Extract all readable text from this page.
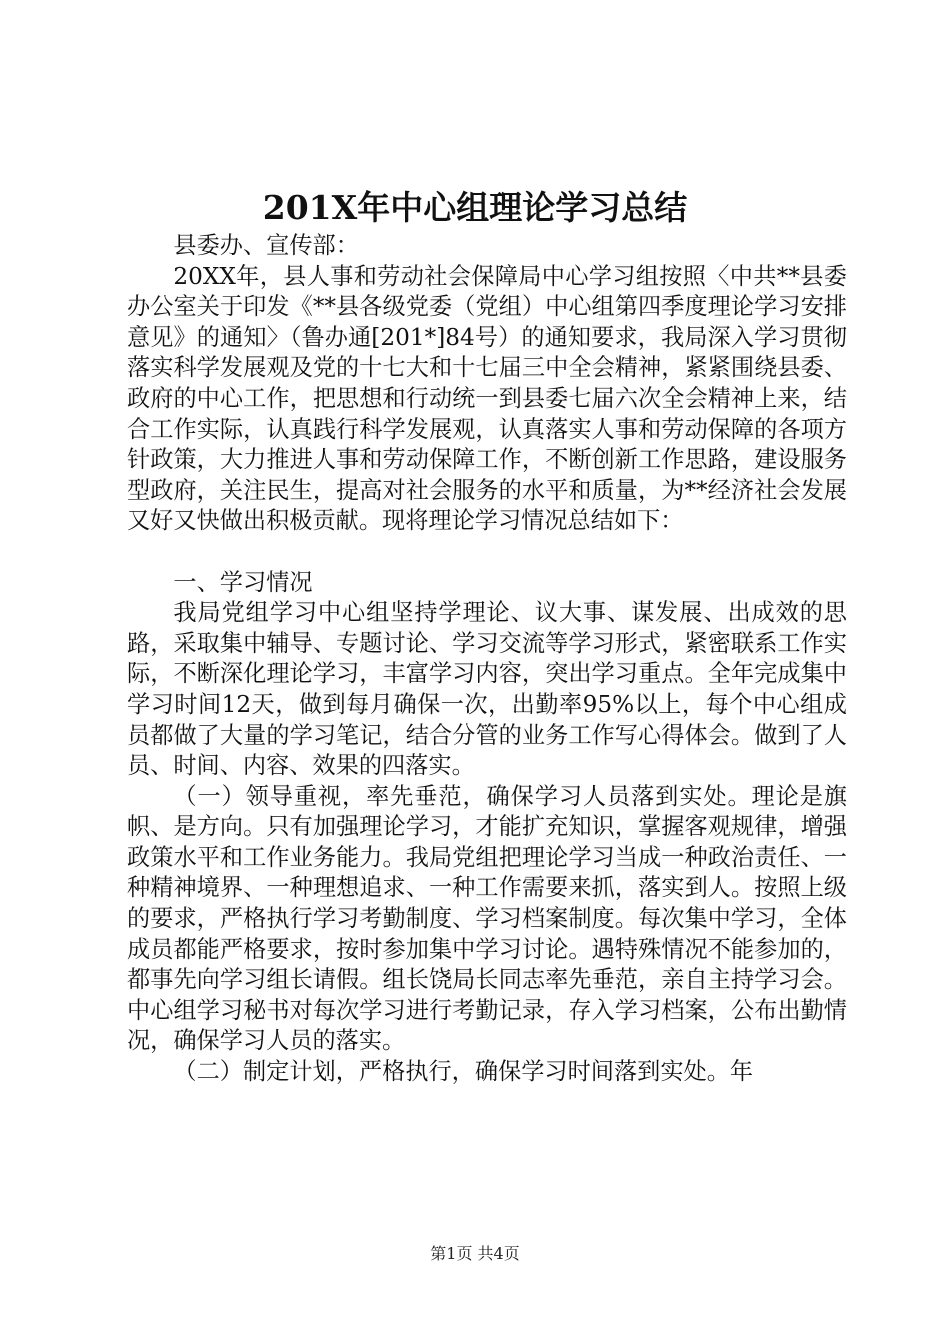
201X年中心组理论学习总结

县委办、宣传部：

20XX年，县人事和劳动社会保障局中心学习组按照〈中共**县委办公室关于印发《**县各级党委（党组）中心组第四季度理论学习安排意见》的通知〉（鲁办通[201*]84号）的通知要求，我局深入学习贯彻落实科学发展观及党的十七大和十七届三中全会精神，紧紧围绕县委、政府的中心工作，把思想和行动统一到县委七届六次全会精神上来，结合工作实际，认真践行科学发展观，认真落实人事和劳动保障的各项方针政策，大力推进人事和劳动保障工作，不断创新工作思路，建设服务型政府，关注民生，提高对社会服务的水平和质量，为**经济社会发展又好又快做出积极贡献。现将理论学习情况总结如下：

一、学习情况

我局党组学习中心组坚持学理论、议大事、谋发展、出成效的思路，采取集中辅导、专题讨论、学习交流等学习形式，紧密联系工作实际，不断深化理论学习，丰富学习内容，突出学习重点。全年完成集中学习时间12天，做到每月确保一次，出勤率95%以上，每个中心组成员都做了大量的学习笔记，结合分管的业务工作写心得体会。做到了人员、时间、内容、效果的四落实。

（一）领导重视，率先垂范，确保学习人员落到实处。理论是旗帜、是方向。只有加强理论学习，才能扩充知识，掌握客观规律，增强政策水平和工作业务能力。我局党组把理论学习当成一种政治责任、一种精神境界、一种理想追求、一种工作需要来抓，落实到人。按照上级的要求，严格执行学习考勤制度、学习档案制度。每次集中学习，全体成员都能严格要求，按时参加集中学习讨论。遇特殊情况不能参加的，都事先向学习组长请假。组长饶局长同志率先垂范，亲自主持学习会。中心组学习秘书对每次学习进行考勤记录，存入学习档案，公布出勤情况，确保学习人员的落实。

（二）制定计划，严格执行，确保学习时间落到实处。年

第1页 共4页
